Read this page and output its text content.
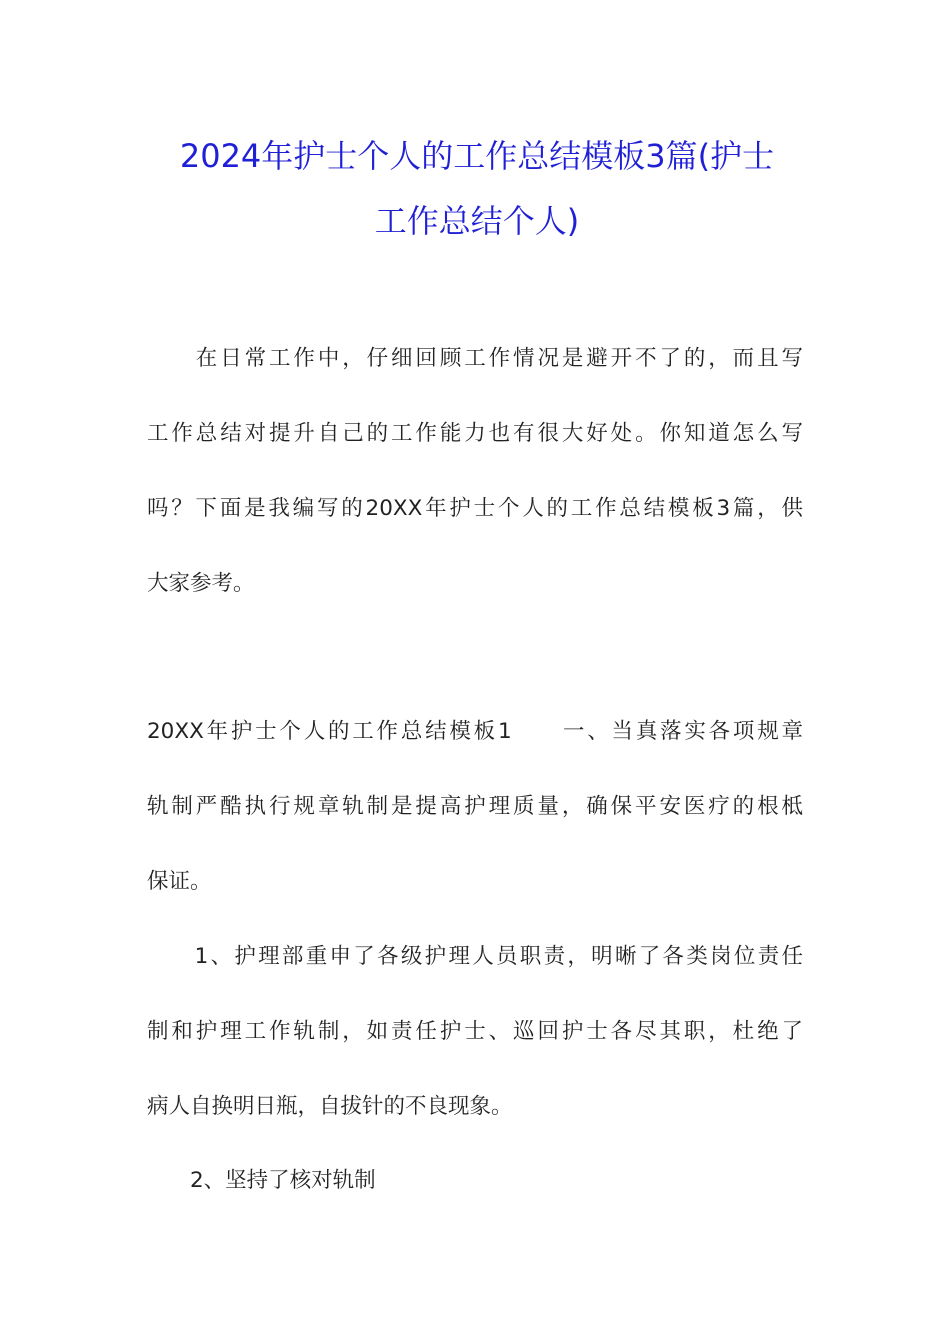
2024年护士个人的工作总结模板3篇(护士
工作总结个人)
　　在日常工作中，仔细回顾工作情况是避开不了的，而且写
工作总结对提升自己的工作能力也有很大好处。你知道怎么写
吗？下面是我编写的20XX年护士个人的工作总结模板3篇，供
大家参考。
20XX年护士个人的工作总结模板1　　一、当真落实各项规章
轨制严酷执行规章轨制是提高护理质量，确保平安医疗的根柢
保证。
　　1、护理部重申了各级护理人员职责，明晰了各类岗位责任
制和护理工作轨制，如责任护士、巡回护士各尽其职，杜绝了
病人自换明日瓶，自拔针的不良现象。
　　2、坚持了核对轨制
